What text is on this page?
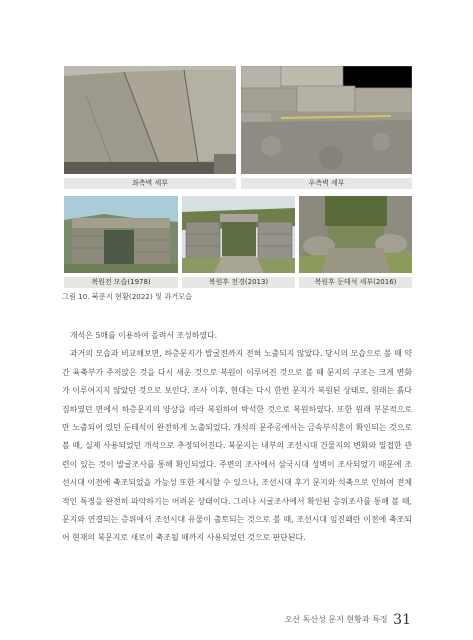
좌측벽 세부	우측벽 세부
복원전 모습(1978)	복원후 전경(2013)	복원후 둔테석 세부(2016)
그림 10. 북문지 현황(2022) 및 과거모습

개석은 5매를 이용하여 올려서 조성하였다.

과거의 모습과 비교해보면, 하층문지가 발굴전까지 전혀 노출되지 않았다. 당시의 모습으로 볼 때 약간 육축부가 주저앉은 것을 다시 새운 것으로 복원이 이루어진 것으로 볼 때 문지의 구조는 크게 변화가 이루어지지 않았던 것으로 보인다. 조사 이후, 현대는 다시 한번 문지가 복원된 상태로, 원래는 흙다짐하였던 면에서 하층문지의 양상을 따라 복원하여 박석한 것으로 복원하였다. 또한 원래 부분적으로만 노출되어 있던 둔테석이 완전하게 노출되었다. 개석의 문주공에서는 금속부식흔이 확인되는 것으로 볼 때, 실제 사용되었던 개석으로 추정되어진다. 북문지는 내부의 조선시대 건물지의 변화와 밀접한 관련이 있는 것이 발굴조사를 통해 확인되었다. 주변의 조사에서 삼국시대 성벽이 조사되었기 때문에 조선시대 이전에 축조되었을 가능성 또한 제시할 수 있으나, 조선시대 후기 문지와 석축으로 인하여 전체적인 특징을 완전히 파악하기는 어려운 상태이다. 그러나 시굴조사에서 확인된 층위조사를 통해 볼 때, 문지와 연결되는 층위에서 조선시대 유물이 출토되는 것으로 볼 때, 조선시대 임진왜란 이전에 축조되어 현재의 북문지로 새로이 축조될 때까지 사용되었던 것으로 판단된다.

오산 독산성 문지 현황과 특징 31
